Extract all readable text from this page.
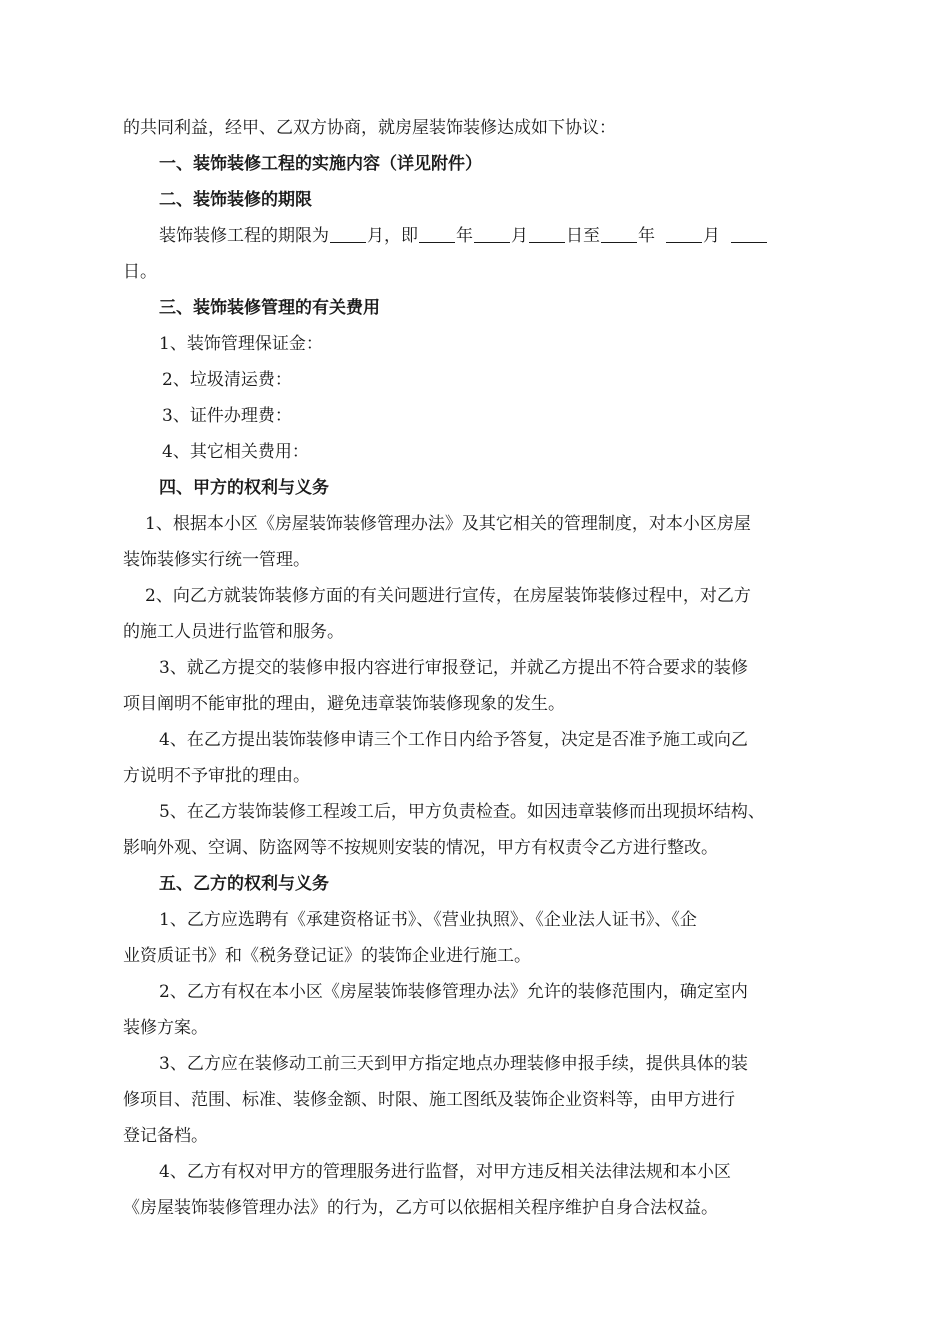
的共同利益，经甲、乙双方协商，就房屋装饰装修达成如下协议：
一、装饰装修工程的实施内容（详见附件）
二、装饰装修的期限
装饰装修工程的期限为 月，即 年 月 日至 年	月
日。
三、装饰装修管理的有关费用
1、装饰管理保证金：
2、垃圾清运费：
3、证件办理费：
4、其它相关费用：
四、甲方的权利与义务
1、根据本小区《房屋装饰装修管理办法》及其它相关的管理制度，对本小区房屋
装饰装修实行统一管理。
2、向乙方就装饰装修方面的有关问题进行宣传，在房屋装饰装修过程中，对乙方
的施工人员进行监管和服务。
3、就乙方提交的装修申报内容进行审报登记，并就乙方提出不符合要求的装修
项目阐明不能审批的理由，避免违章装饰装修现象的发生。
4、在乙方提出装饰装修申请三个工作日内给予答复，决定是否准予施工或向乙
方说明不予审批的理由。
5、在乙方装饰装修工程竣工后，甲方负责检查。如因违章装修而出现损坏结构、
影响外观、空调、防盗网等不按规则安装的情况，甲方有权责令乙方进行整改。
五、乙方的权利与义务
1、乙方应选聘有《承建资格证书》、《营业执照》、《企业法人证书》、《企
业资质证书》和《税务登记证》的装饰企业进行施工。
2、乙方有权在本小区《房屋装饰装修管理办法》允许的装修范围内，确定室内
装修方案。
3、乙方应在装修动工前三天到甲方指定地点办理装修申报手续，提供具体的装
修项目、范围、标准、装修金额、时限、施工图纸及装饰企业资料等，由甲方进行
登记备档。
4、乙方有权对甲方的管理服务进行监督，对甲方违反相关法律法规和本小区
《房屋装饰装修管理办法》的行为，乙方可以依据相关程序维护自身合法权益。
